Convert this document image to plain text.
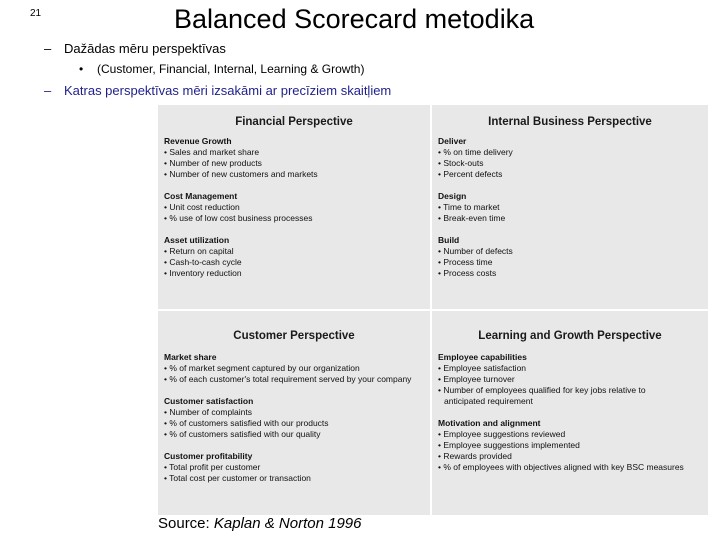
21	Balanced Scorecard metodika
– Dažādas mēru perspektīvas
• (Customer, Financial, Internal, Learning & Growth)
– Katras perspektīvas mēri izsakāmi ar precīziem skaitļiem
Financial Perspective
Revenue Growth
• Sales and market share
• Number of new products
• Number of new customers and markets
Cost Management
• Unit cost reduction
• % use of low cost business processes
Asset utilization
• Return on capital
• Cash-to-cash cycle
• Inventory reduction
Internal Business Perspective
Deliver
• % on time delivery
• Stock-outs
• Percent defects
Design
• Time to market
• Break-even time
Build
• Number of defects
• Process time
• Process costs
Customer Perspective
Market share
• % of market segment captured by our organization
• % of each customer's total requirement served by your company
Customer satisfaction
• Number of complaints
• % of customers satisfied with our products
• % of customers satisfied with our quality
Customer profitability
• Total profit per customer
• Total cost per customer or transaction
Learning and Growth Perspective
Employee capabilities
• Employee satisfaction
• Employee turnover
• Number of employees qualified for key jobs relative to
anticipated requirement
Motivation and alignment
• Employee suggestions reviewed
• Employee suggestions implemented
• Rewards provided
• % of employees with objectives aligned with key BSC measures
Source: Kaplan & Norton 1996
